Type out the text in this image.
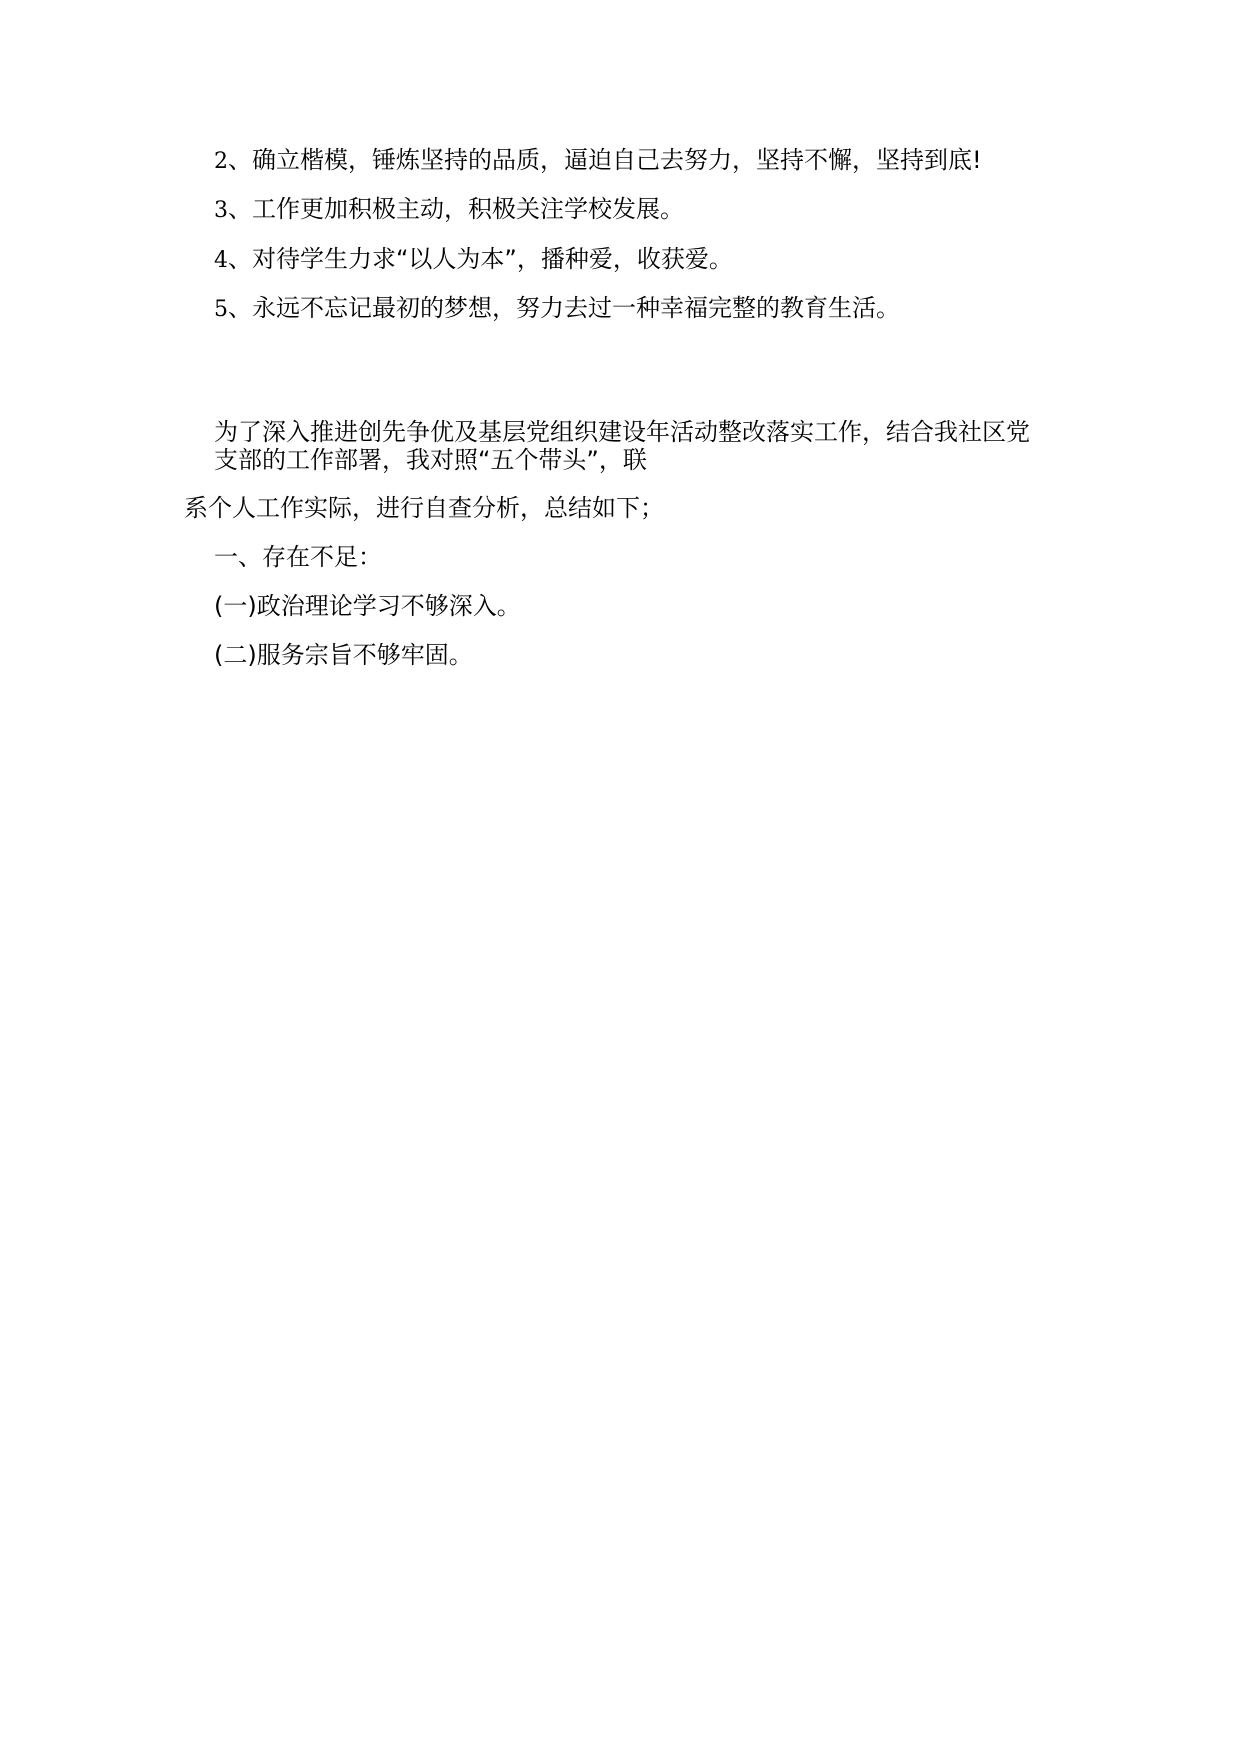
2、确立楷模，锤炼坚持的品质，逼迫自己去努力，坚持不懈，坚持到底!
3、工作更加积极主动，积极关注学校发展。
4、对待学生力求“以人为本”，播种爱，收获爱。
5、永远不忘记最初的梦想，努力去过一种幸福完整的教育生活。
为了深入推进创先争优及基层党组织建设年活动整改落实工作，结合我社区党
支部的工作部署，我对照“五个带头”，联
系个人工作实际，进行自查分析，总结如下；
一、存在不足：
(一)政治理论学习不够深入。
(二)服务宗旨不够牢固。
